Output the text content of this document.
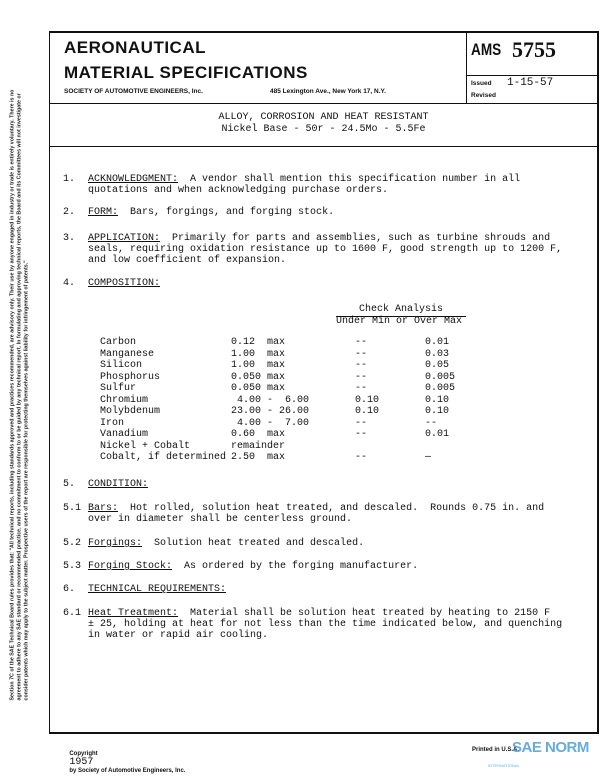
Section 7C of the SAE Technical Board rules provides that: "All technical reports, including standards approved and practices recommended, are advisory only. Their use by anyone engaged in industry or trade is entirely voluntary. There is no agreement to adhere to any SAE standard or recommended practice, and no commitment to conform to or be guided by any technical report. In formulating and approving technical reports, the Board and its Committees will not investigate or consider patents which may apply to the subject matter. Prospective users of the report are responsible for protecting themselves against liability for infringement of patents."
AERONAUTICAL
MATERIAL SPECIFICATIONS
SOCIETY OF AUTOMOTIVE ENGINEERS, Inc.	485 Lexington Ave., New York 17, N.Y.
AMS 5755
Issued 1-15-57
Revised
ALLOY, CORROSION AND HEAT RESISTANT
Nickel Base - 50r - 24.5Mo - 5.5Fe
1. ACKNOWLEDGMENT: A vendor shall mention this specification number in all
quotations and when acknowledging purchase orders.
2. FORM: Bars, forgings, and forging stock.
3. APPLICATION: Primarily for parts and assemblies, such as turbine shrouds and
seals, requiring oxidation resistance up to 1600 F, good strength up to 1200 F,
and low coefficient of expansion.
4. COMPOSITION:
Check Analysis
Under Min or Over Max
Carbon	0.12  max	--	0.01
Manganese	1.00  max	--	0.03
Silicon	1.00  max	--	0.05
Phosphorus	0.050 max	--	0.005
Sulfur	0.050 max	--	0.005
Chromium	4.00 -  6.00	0.10	0.10
Molybdenum	23.00 - 26.00	0.10	0.10
Iron	4.00 -  7.00	--	--
Vanadium	0.60  max	--	0.01
Nickel + Cobalt	remainder
Cobalt, if determined 2.50  max	--	—
5. CONDITION:
5.1 Bars: Hot rolled, solution heat treated, and descaled.  Rounds 0.75 in. and
over in diameter shall be centerless ground.
5.2 Forgings: Solution heat treated and descaled.
5.3 Forging Stock: As ordered by the forging manufacturer.
6. TECHNICAL REQUIREMENTS:
6.1 Heat Treatment: Material shall be solution heat treated by heating to 2150 F
± 25, holding at heat for not less than the time indicated below, and quenching
in water or rapid air cooling.

Copyright
1957
by Society of Automotive Engineers, Inc.

Printed in U.S.A.
SAE NORM
INTERNATIONAL
